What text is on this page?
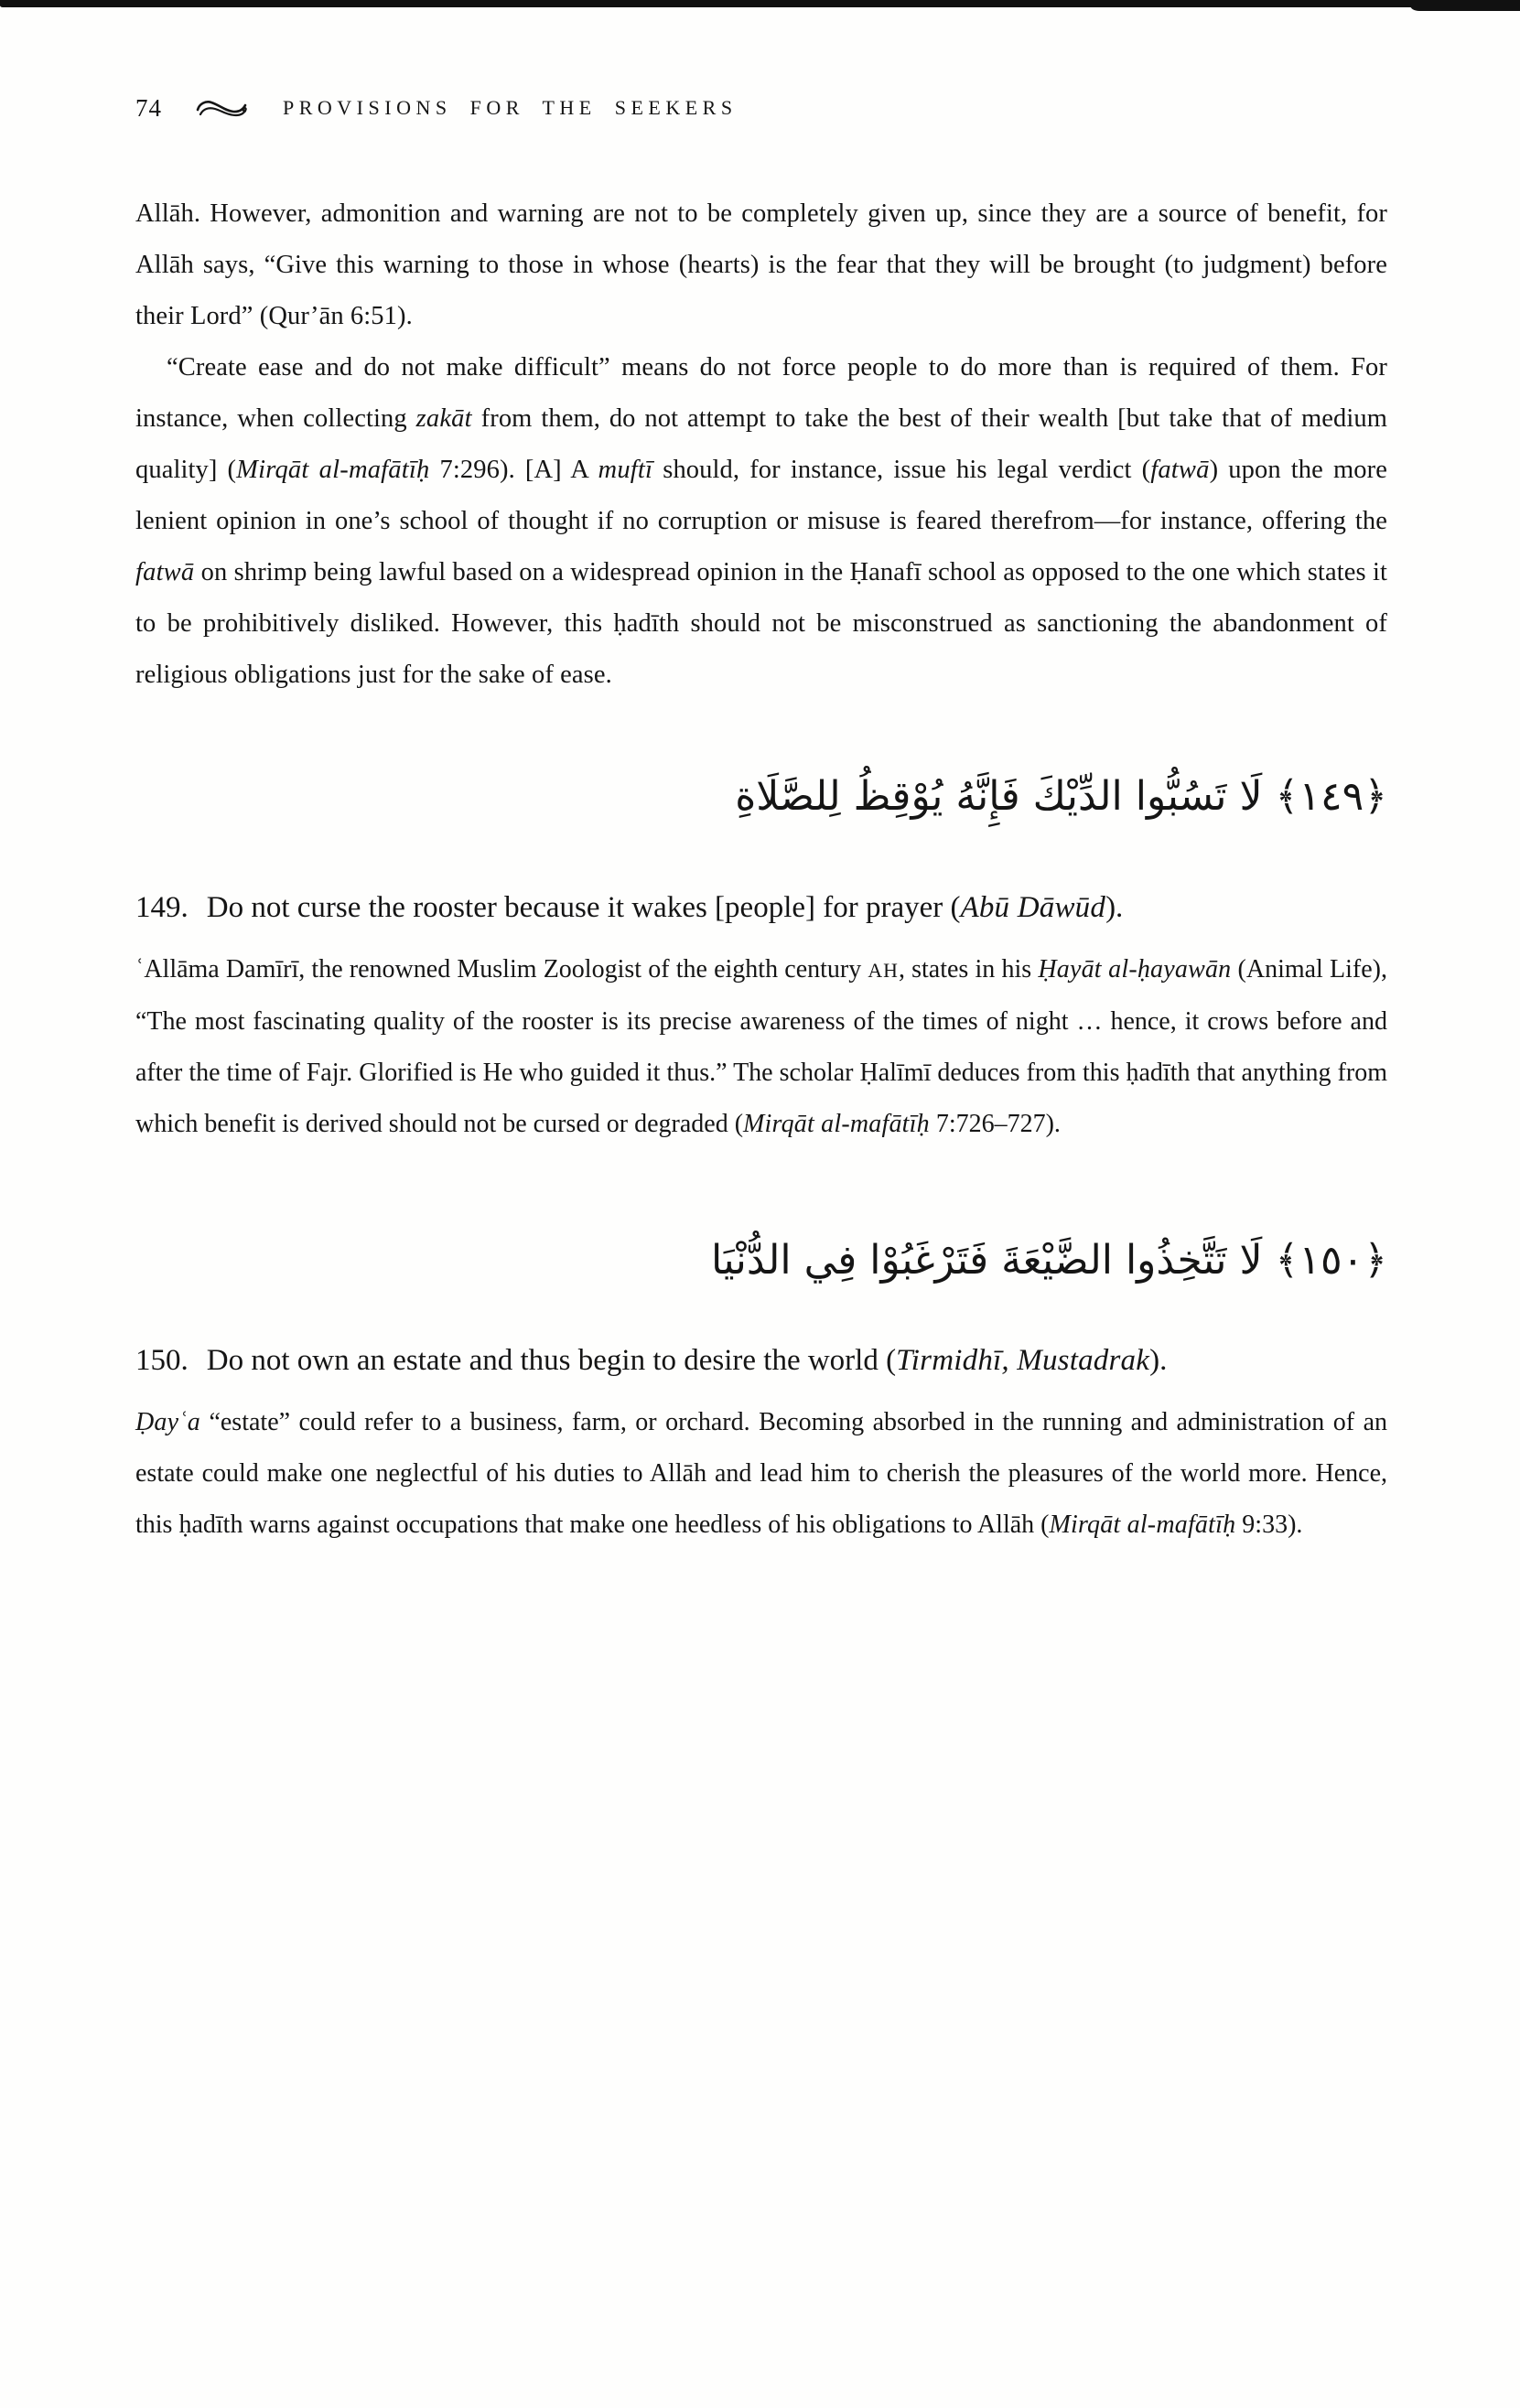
74	PROVISIONS FOR THE SEEKERS

Allāh. However, admonition and warning are not to be completely given up, since they are a source of benefit, for Allāh says, “Give this warning to those in whose (hearts) is the fear that they will be brought (to judgment) before their Lord” (Qur’ān 6:51).

“Create ease and do not make difficult” means do not force people to do more than is required of them. For instance, when collecting zakāt from them, do not attempt to take the best of their wealth [but take that of medium quality] (Mirqāt al-mafātīḥ 7:296). [A] A muftī should, for instance, issue his legal verdict (fatwā) upon the more lenient opinion in one’s school of thought if no corruption or misuse is feared therefrom—for instance, offering the fatwā on shrimp being lawful based on a widespread opinion in the Ḥanafī school as opposed to the one which states it to be prohibitively disliked. However, this ḥadīth should not be misconstrued as sanctioning the abandonment of religious obligations just for the sake of ease.

﴿١٤٩﴾ لَا تَسُبُّوا الدِّيْكَ فَإِنَّهُ يُوْقِظُ لِلصَّلَاةِ

149. Do not curse the rooster because it wakes [people] for prayer (Abū Dāwūd).

ʿAllāma Damīrī, the renowned Muslim Zoologist of the eighth century AH, states in his Ḥayāt al-ḥayawān (Animal Life), “The most fascinating quality of the rooster is its precise awareness of the times of night … hence, it crows before and after the time of Fajr. Glorified is He who guided it thus.” The scholar Ḥalīmī deduces from this ḥadīth that anything from which benefit is derived should not be cursed or degraded (Mirqāt al-mafātīḥ 7:726–727).

﴿١٥٠﴾ لَا تَتَّخِذُوا الضَّيْعَةَ فَتَرْغَبُوْا فِي الدُّنْيَا

150. Do not own an estate and thus begin to desire the world (Tirmidhī, Mustadrak).

Ḍayʿa “estate” could refer to a business, farm, or orchard. Becoming absorbed in the running and administration of an estate could make one neglectful of his duties to Allāh and lead him to cherish the pleasures of the world more. Hence, this ḥadīth warns against occupations that make one heedless of his obligations to Allāh (Mirqāt al-mafātīḥ 9:33).
